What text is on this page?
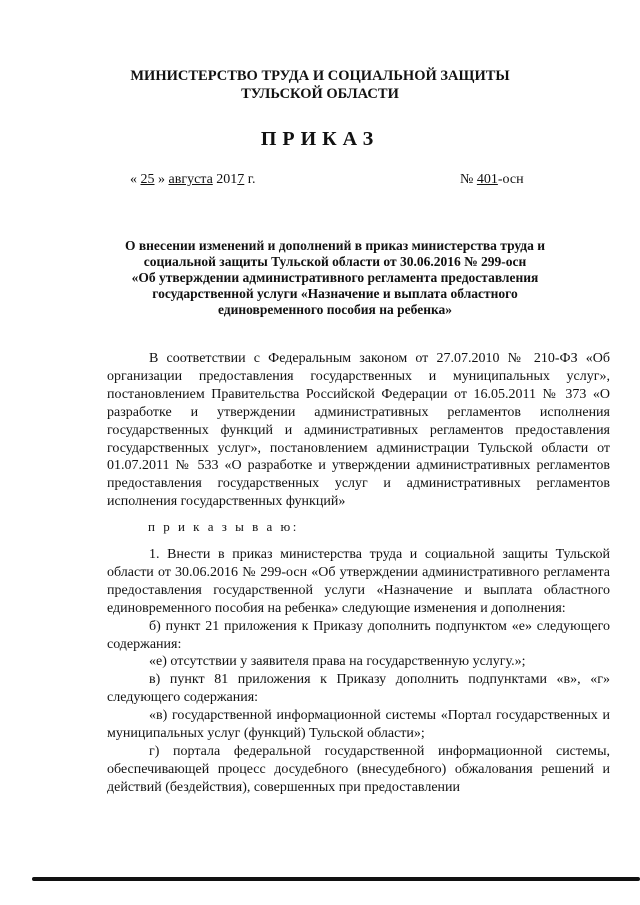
МИНИСТЕРСТВО ТРУДА И СОЦИАЛЬНОЙ ЗАЩИТЫ
ТУЛЬСКОЙ ОБЛАСТИ
ПРИКАЗ
« 25 » августа 2017 г.	№ 401-осн
О внесении изменений и дополнений в приказ министерства труда и
социальной защиты Тульской области от 30.06.2016 № 299-осн
«Об утверждении административного регламента предоставления
государственной услуги «Назначение и выплата областного
единовременного пособия на ребенка»

В соответствии с Федеральным законом от 27.07.2010 № 210-ФЗ «Об организации предоставления государственных и муниципальных услуг», постановлением Правительства Российской Федерации от 16.05.2011 № 373 «О разработке и утверждении административных регламентов исполнения государственных функций и административных регламентов предоставления государственных услуг», постановлением администрации Тульской области от 01.07.2011 № 533 «О разработке и утверждении административных регламентов предоставления государственных услуг и административных регламентов исполнения государственных функций»

п р и к а з ы в а ю:

1. Внести в приказ министерства труда и социальной защиты Тульской области от 30.06.2016 № 299-осн «Об утверждении административного регламента предоставления государственной услуги «Назначение и выплата областного единовременного пособия на ребенка» следующие изменения и дополнения:

б) пункт 21 приложения к Приказу дополнить подпунктом «е» следующего содержания:

«е) отсутствии у заявителя права на государственную услугу.»;

в) пункт 81 приложения к Приказу дополнить подпунктами «в», «г» следующего содержания:

«в) государственной информационной системы «Портал государственных и муниципальных услуг (функций) Тульской области»;

г) портала федеральной государственной информационной системы, обеспечивающей процесс досудебного (внесудебного) обжалования решений и действий (бездействия), совершенных при предоставлении
